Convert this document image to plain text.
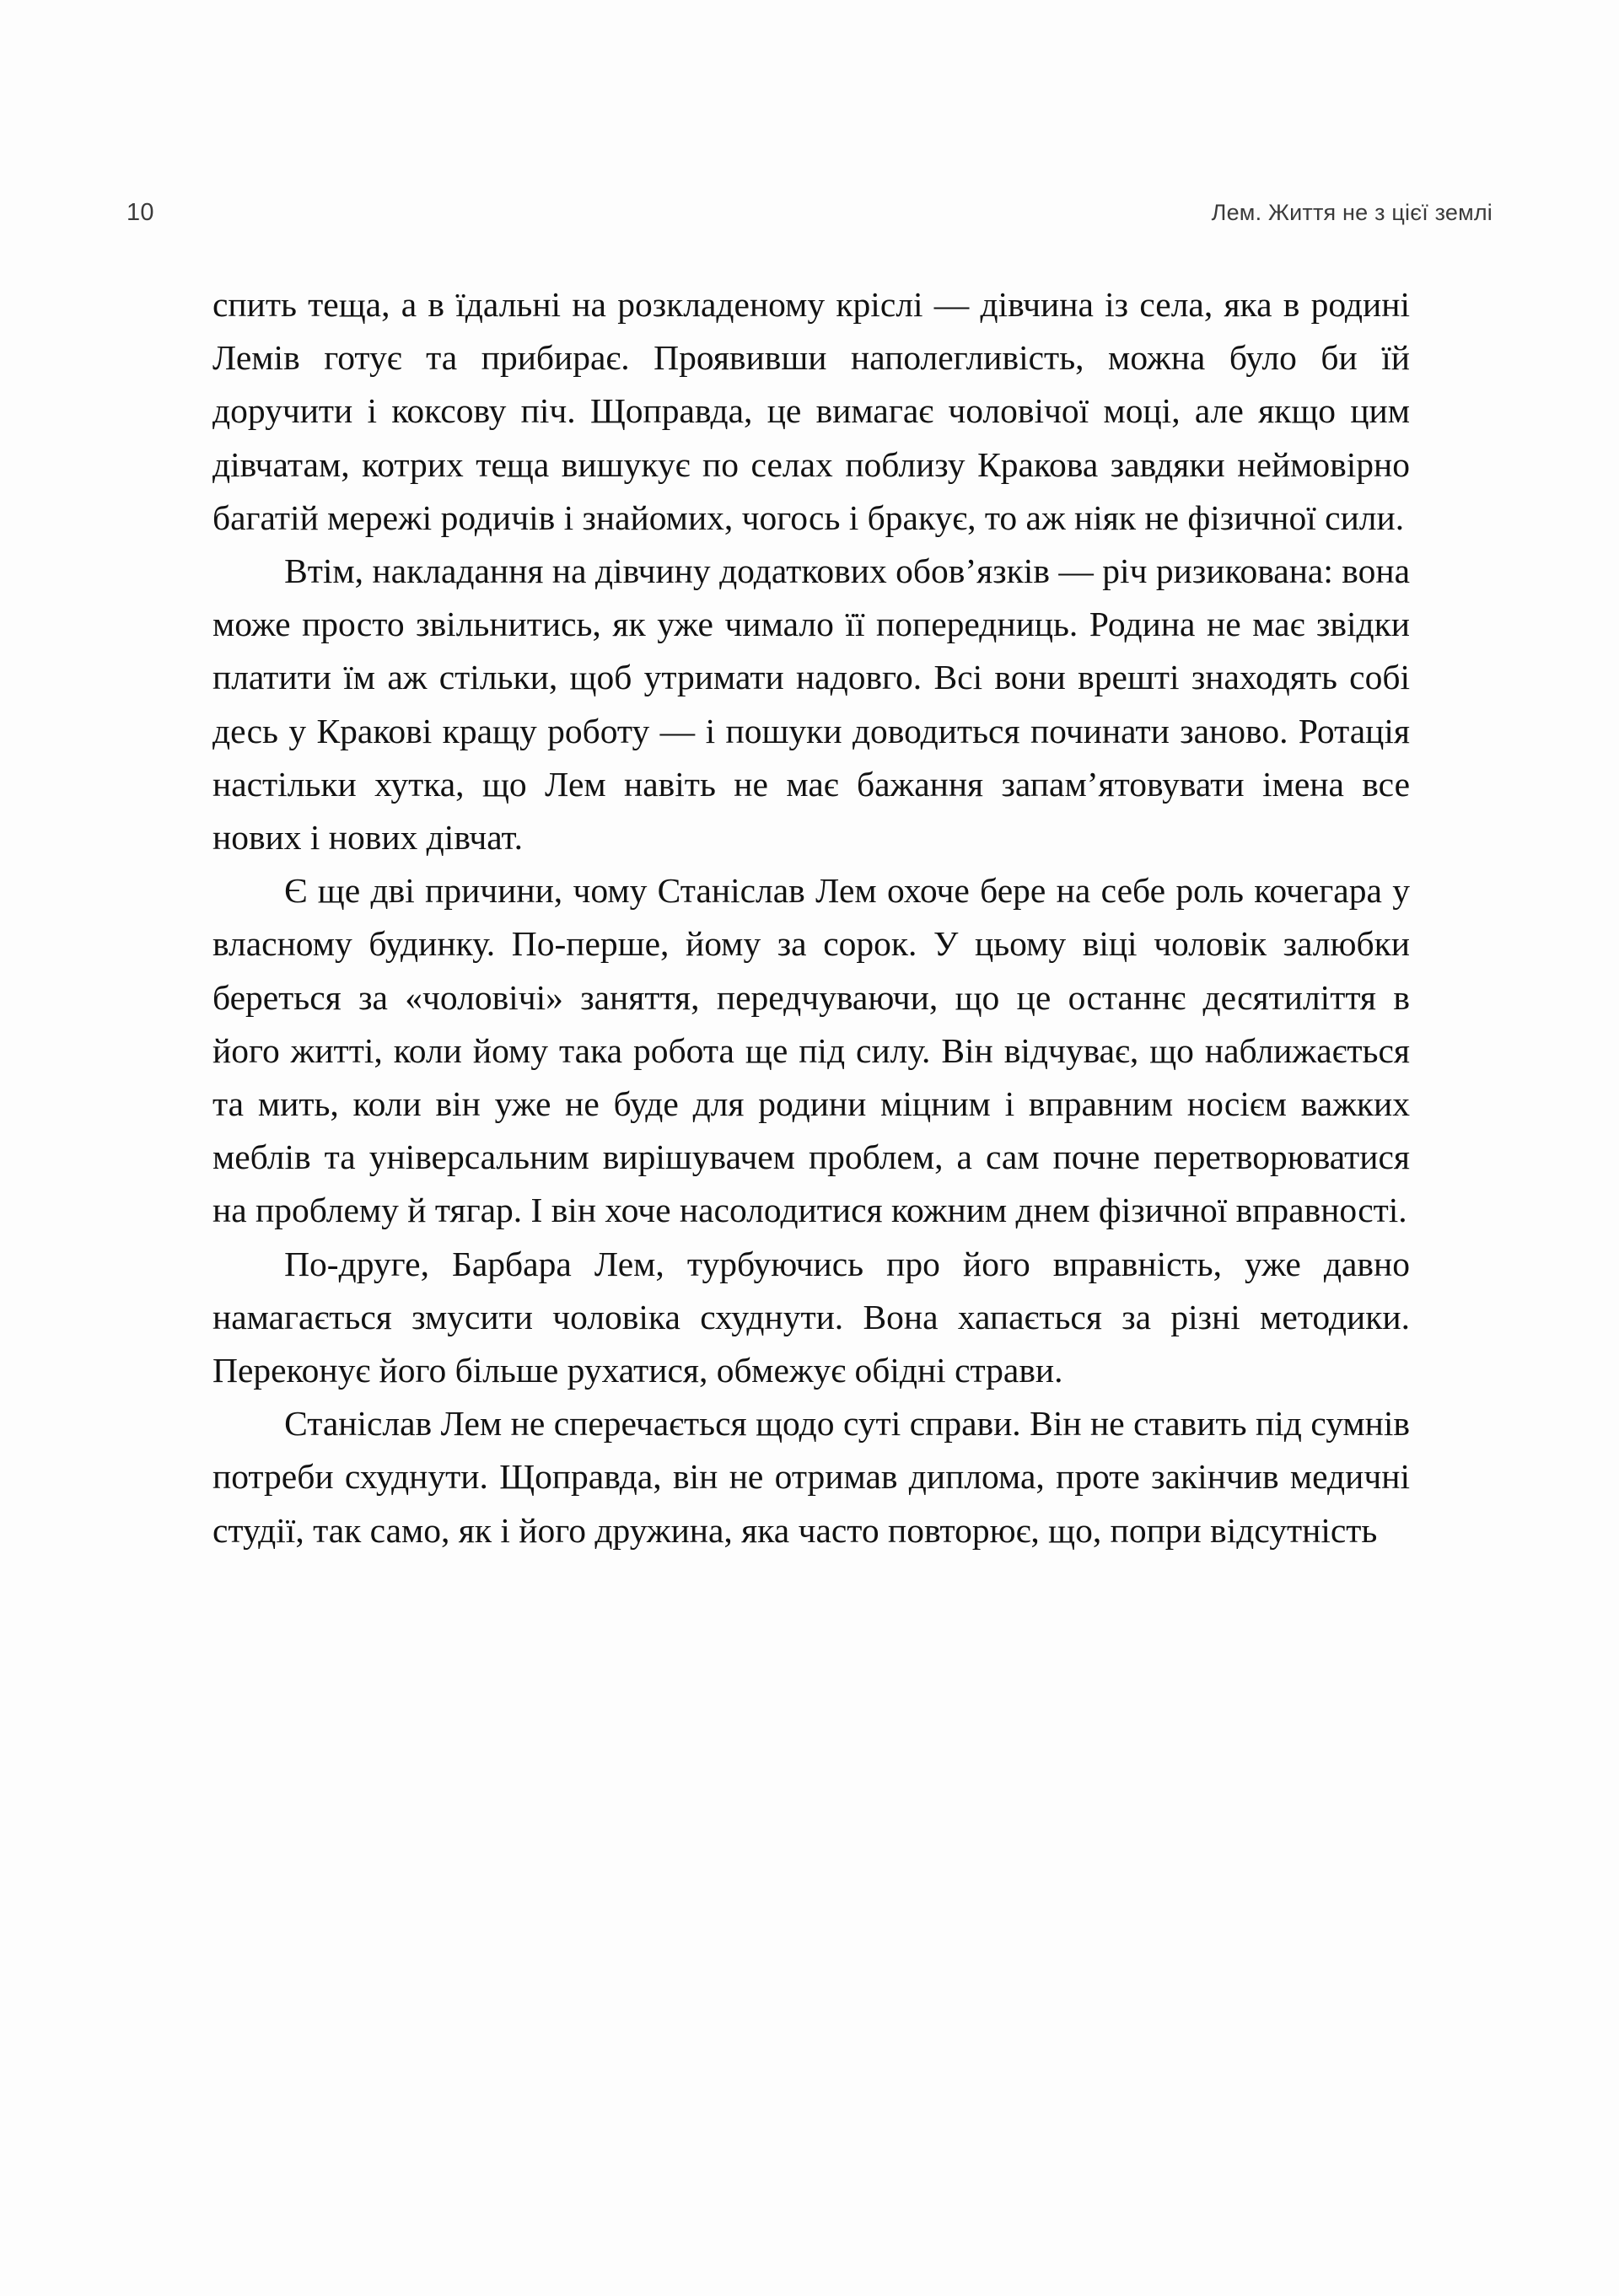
10	Лем. Життя не з цієї землі

спить теща, а в їдальні на розкладеному кріслі — дівчина із села, яка в родині Лемів готує та прибирає. Проявивши наполегливість, можна було би їй доручити і коксову піч. Щоправда, це вимагає чоловічої моці, але якщо цим дівчатам, котрих теща вишукує по селах поблизу Кракова завдяки неймовірно багатій мережі родичів і знайомих, чогось і бракує, то аж ніяк не фізичної сили.

Втім, накладання на дівчину додаткових обов’язків — річ ризикована: вона може просто звільнитись, як уже чимало її попередниць. Родина не має звідки платити їм аж стільки, щоб утримати надовго. Всі вони врешті знаходять собі десь у Кракові кращу роботу — і пошуки доводиться починати заново. Ротація настільки хутка, що Лем навіть не має бажання запам’ятовувати імена все нових і нових дівчат.

Є ще дві причини, чому Станіслав Лем охоче бере на себе роль кочегара у власному будинку. По-перше, йому за сорок. У цьому віці чоловік залюбки береться за «чоловічі» заняття, передчуваючи, що це останнє десятиліття в його житті, коли йому така робота ще під силу. Він відчуває, що наближається та мить, коли він уже не буде для родини міцним і вправним носієм важких меблів та універсальним вирішувачем проблем, а сам почне перетворюватися на проблему й тягар. І він хоче насолодитися кожним днем фізичної вправності.

По-друге, Барбара Лем, турбуючись про його вправність, уже давно намагається змусити чоловіка схуднути. Вона хапається за різні методики. Переконує його більше рухатися, обмежує обідні страви.

Станіслав Лем не сперечається щодо суті справи. Він не ставить під сумнів потреби схуднути. Щоправда, він не отримав диплома, проте закінчив медичні студії, так само, як і його дружина, яка часто повторює, що, попри відсутність
